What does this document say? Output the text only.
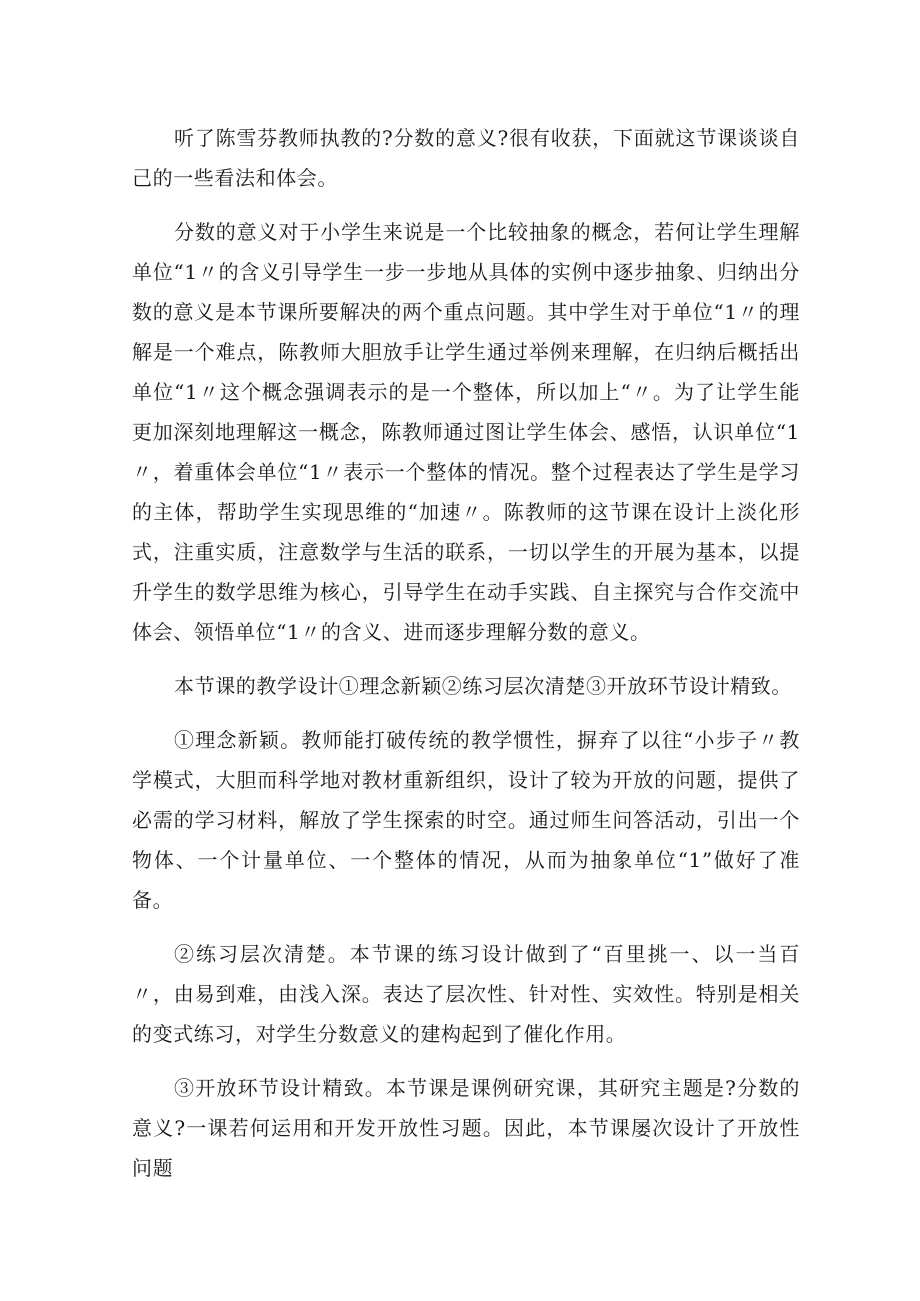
听了陈雪芬教师执教的?分数的意义?很有收获，下面就这节课谈谈自己的一些看法和体会。

分数的意义对于小学生来说是一个比较抽象的概念，若何让学生理解单位“1〃的含义引导学生一步一步地从具体的实例中逐步抽象、归纳出分数的意义是本节课所要解决的两个重点问题。其中学生对于单位“1〃的理解是一个难点，陈教师大胆放手让学生通过举例来理解，在归纳后概括出单位“1〃这个概念强调表示的是一个整体，所以加上“〃。为了让学生能更加深刻地理解这一概念，陈教师通过图让学生体会、感悟，认识单位“1〃，着重体会单位“1〃表示一个整体的情况。整个过程表达了学生是学习的主体，帮助学生实现思维的“加速〃。陈教师的这节课在设计上淡化形式，注重实质，注意数学与生活的联系，一切以学生的开展为基本，以提升学生的数学思维为核心，引导学生在动手实践、自主探究与合作交流中体会、领悟单位“1〃的含义、进而逐步理解分数的意义。

本节课的教学设计①理念新颖②练习层次清楚③开放环节设计精致。

①理念新颖。教师能打破传统的教学惯性，摒弃了以往“小步子〃教学模式，大胆而科学地对教材重新组织，设计了较为开放的问题，提供了必需的学习材料，解放了学生探索的时空。通过师生问答活动，引出一个物体、一个计量单位、一个整体的情况，从而为抽象单位“1”做好了准备。

②练习层次清楚。本节课的练习设计做到了“百里挑一、以一当百〃，由易到难，由浅入深。表达了层次性、针对性、实效性。特别是相关的变式练习，对学生分数意义的建构起到了催化作用。

③开放环节设计精致。本节课是课例研究课，其研究主题是?分数的意义?一课若何运用和开发开放性习题。因此，本节课屡次设计了开放性问题
